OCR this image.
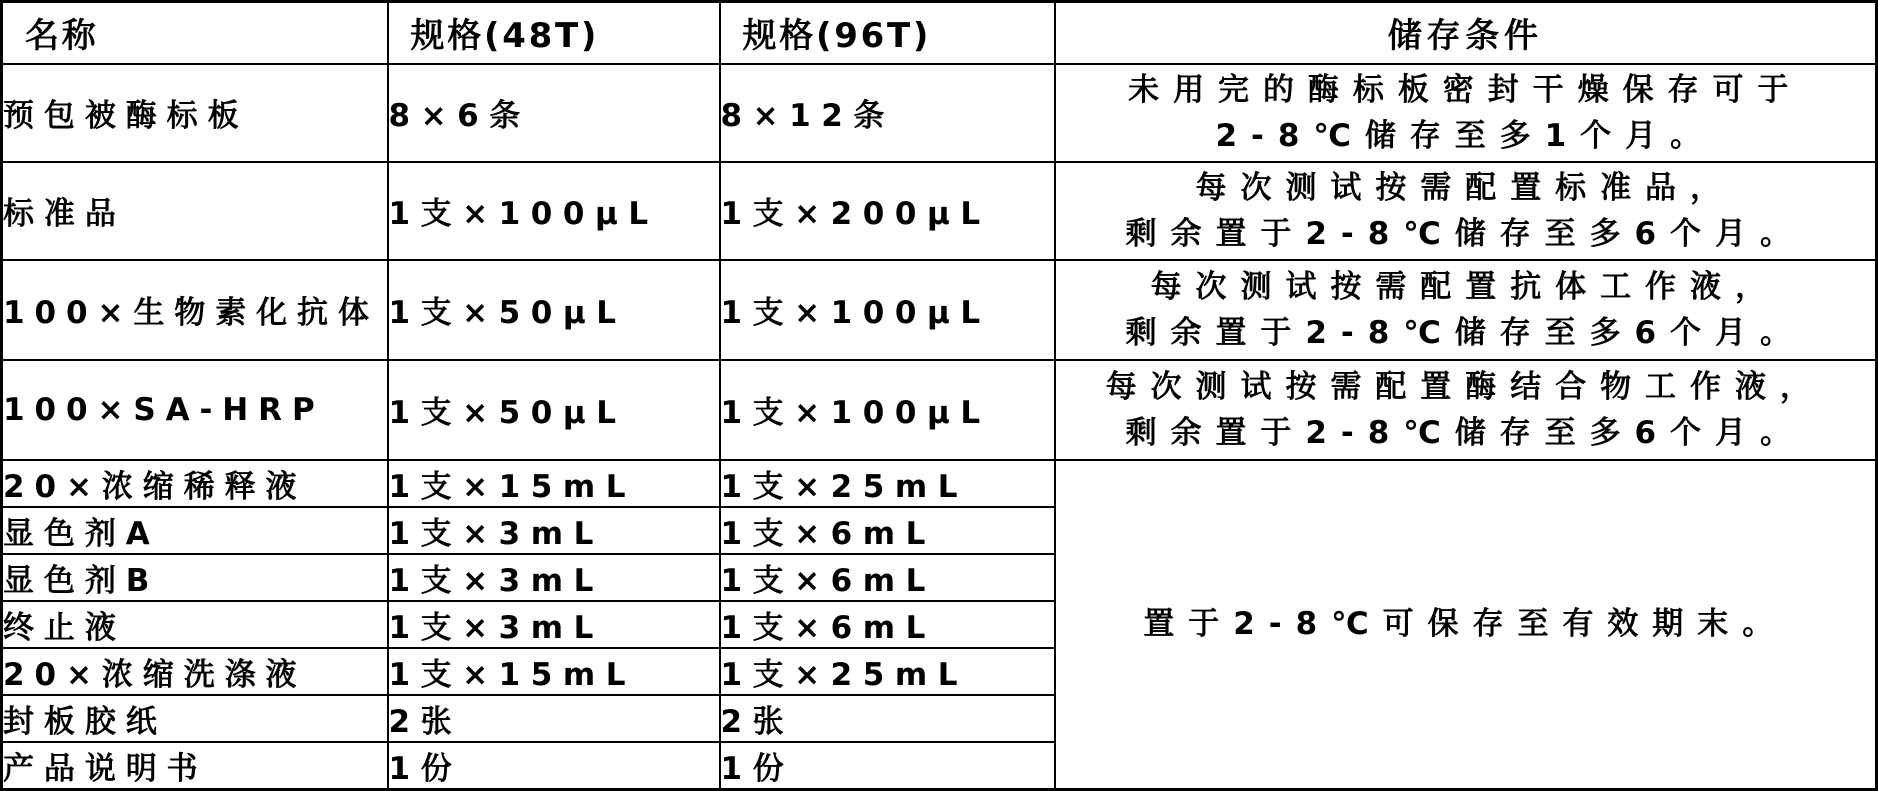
名称	规格(48T)	规格(96T)	储存条件
预包被酶标板	8×6条	8×12条	未用完的酶标板密封干燥保存可于
2-8℃储存至多1个月。

标准品	1支×100μL	1支×200μL	每次测试按需配置标准品，
剩余置于2-8℃储存至多6个月。

100×生物素化抗体	1支×50μL	1支×100μL	每次测试按需配置抗体工作液，
剩余置于2-8℃储存至多6个月。

100×SA-HRP	1支×50μL	1支×100μL	每次测试按需配置酶结合物工作液，
剩余置于2-8℃储存至多6个月。

20×浓缩稀释液	1支×15mL	1支×25mL	置于2-8℃可保存至有效期末。

显色剂A	1支×3mL	1支×6mL	
显色剂B	1支×3mL	1支×6mL	
终止液	1支×3mL	1支×6mL	
20×浓缩洗涤液	1支×15mL	1支×25mL	
封板胶纸	2张	2张	
产品说明书	1份	1份	
